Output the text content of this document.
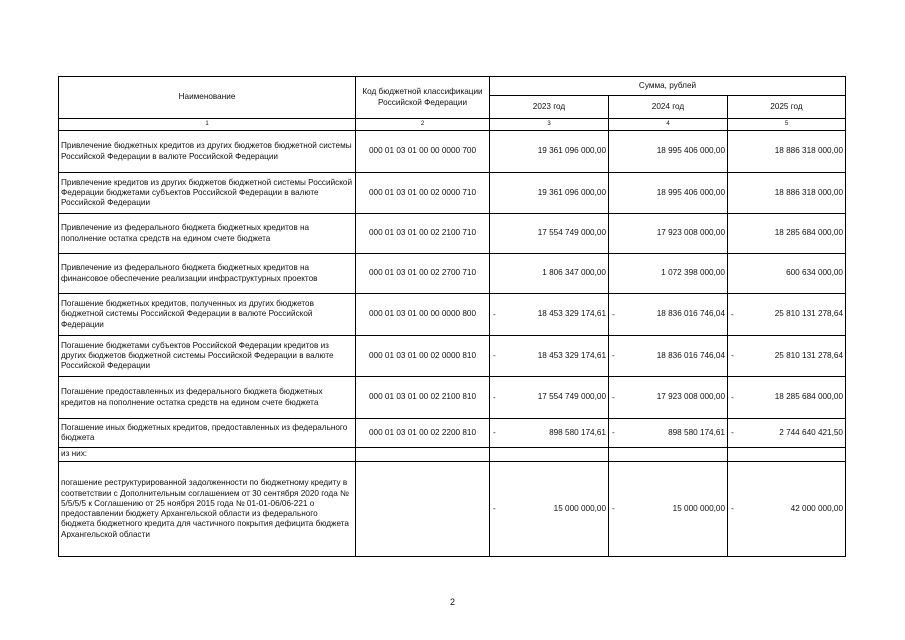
Наименование	Код бюджетной классификации Российской Федерации	Сумма, рублей		
		2023 год	2024 год	2025 год
1	2	3	4	5
Привлечение бюджетных кредитов из других бюджетов бюджетной системы Российской Федерации в валюте Российской Федерации	000 01 03 01 00 00 0000 700	19 361 096 000,00	18 995 406 000,00	18 886 318 000,00
Привлечение кредитов из других бюджетов бюджетной системы Российской Федерации бюджетами субъектов Российской Федерации в валюте Российской Федерации	000 01 03 01 00 02 0000 710	19 361 096 000,00	18 995 406 000,00	18 886 318 000,00
Привлечение из федерального бюджета бюджетных кредитов на пополнение остатка средств на едином счете бюджета	000 01 03 01 00 02 2100 710	17 554 749 000,00	17 923 008 000,00	18 285 684 000,00
Привлечение из федерального бюджета бюджетных кредитов на финансовое обеспечение реализации инфраструктурных проектов	000 01 03 01 00 02 2700 710	1 806 347 000,00	1 072 398 000,00	600 634 000,00
Погашение бюджетных кредитов, полученных из других бюджетов бюджетной системы Российской Федерации в валюте Российской Федерации	000 01 03 01 00 00 0000 800	- 18 453 329 174,61	- 18 836 016 746,04	- 25 810 131 278,64
Погашение бюджетами субъектов Российской Федерации кредитов из других бюджетов бюджетной системы Российской Федерации в валюте Российской Федерации	000 01 03 01 00 02 0000 810	- 18 453 329 174,61	- 18 836 016 746,04	- 25 810 131 278,64
Погашение предоставленных из федерального бюджета бюджетных кредитов на пополнение остатка средств на едином счете бюджета	000 01 03 01 00 02 2100 810	- 17 554 749 000,00	- 17 923 008 000,00	- 18 285 684 000,00
Погашение иных бюджетных кредитов, предоставленных из федерального бюджета	000 01 03 01 00 02 2200 810	- 898 580 174,61	- 898 580 174,61	- 2 744 640 421,50
из них:				
погашение реструктурированной задолженности по бюджетному кредиту в соответствии с Дополнительным соглашением от 30 сентября 2020 года № 5/5/5/5 к Соглашению от 25 ноября 2015 года № 01-01-06/06-221 о предоставлении бюджету Архангельской области из федерального бюджета бюджетного кредита для частичного покрытия дефицита бюджета Архангельской области		- 15 000 000,00	- 15 000 000,00	- 42 000 000,00
2
